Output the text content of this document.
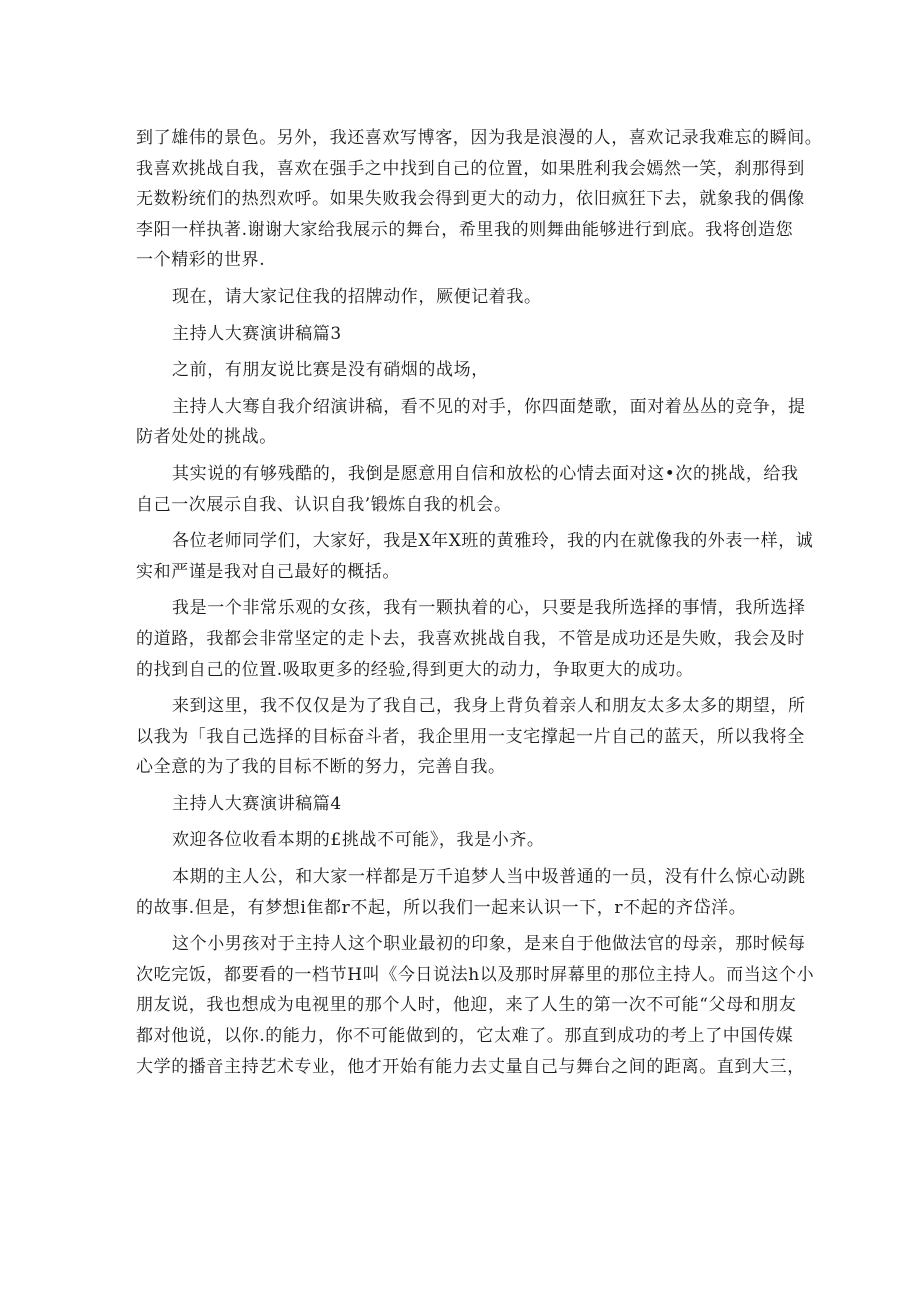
到了雄伟的景色。另外，我还喜欢写博客，因为我是浪漫的人，喜欢记录我难忘的瞬间。
我喜欢挑战自我，喜欢在强手之中找到自己的位置，如果胜利我会嫣然一笑，刹那得到
无数粉统们的热烈欢呼。如果失败我会得到更大的动力，依旧疯狂下去，就象我的偶像
李阳一样执著.谢谢大家给我展示的舞台，希里我的则舞曲能够进行到底。我将创造您
一个精彩的世界.
现在，请大家记住我的招牌动作，厥便记着我。
主持人大赛演讲稿篇3
之前，有朋友说比赛是没有硝烟的战场，
主持人大骞自我介绍演讲稿，看不见的对手，你四面楚歌，面对着丛丛的竞争，提
防者处处的挑战。
其实说的有够残酷的，我倒是愿意用自信和放松的心情去面对这•次的挑战，给我
自己一次展示自我、认识自我’锻炼自我的机会。
各位老师同学们，大家好，我是X年X班的黄雅玲，我的内在就像我的外表一样，诚
实和严谨是我对自己最好的概括。
我是一个非常乐观的女孩，我有一颗执着的心，只要是我所选择的事情，我所选择
的道路，我都会非常坚定的走卜去，我喜欢挑战自我，不管是成功还是失败，我会及时
的找到自己的位置.吸取更多的经验,得到更大的动力，争取更大的成功。
来到这里，我不仅仅是为了我自己，我身上背负着亲人和朋友太多太多的期望，所
以我为「我自己选择的目标奋斗者，我企里用一支宅撑起一片自己的蓝天，所以我将全
心全意的为了我的目标不断的努力，完善自我。
主持人大赛演讲稿篇4
欢迎各位收看本期的£挑战不可能》，我是小齐。
本期的主人公，和大家一样都是万千追梦人当中圾普通的一员，没有什么惊心动跳
的故事.但是，有梦想i隹都r不起，所以我们一起来认识一下，r不起的齐岱洋。
这个小男孩对于主持人这个职业最初的印象，是来自于他做法官的母亲，那时候每
次吃完饭，都要看的一档节H叫《今日说法h以及那时屏幕里的那位主持人。而当这个小
朋友说，我也想成为电视里的那个人时，他迎，来了人生的第一次不可能“父母和朋友
都对他说，以你.的能力，你不可能做到的，它太难了。那直到成功的考上了中国传媒
大学的播音主持艺术专业，他才开始有能力去丈量自己与舞台之间的距离。直到大三，
